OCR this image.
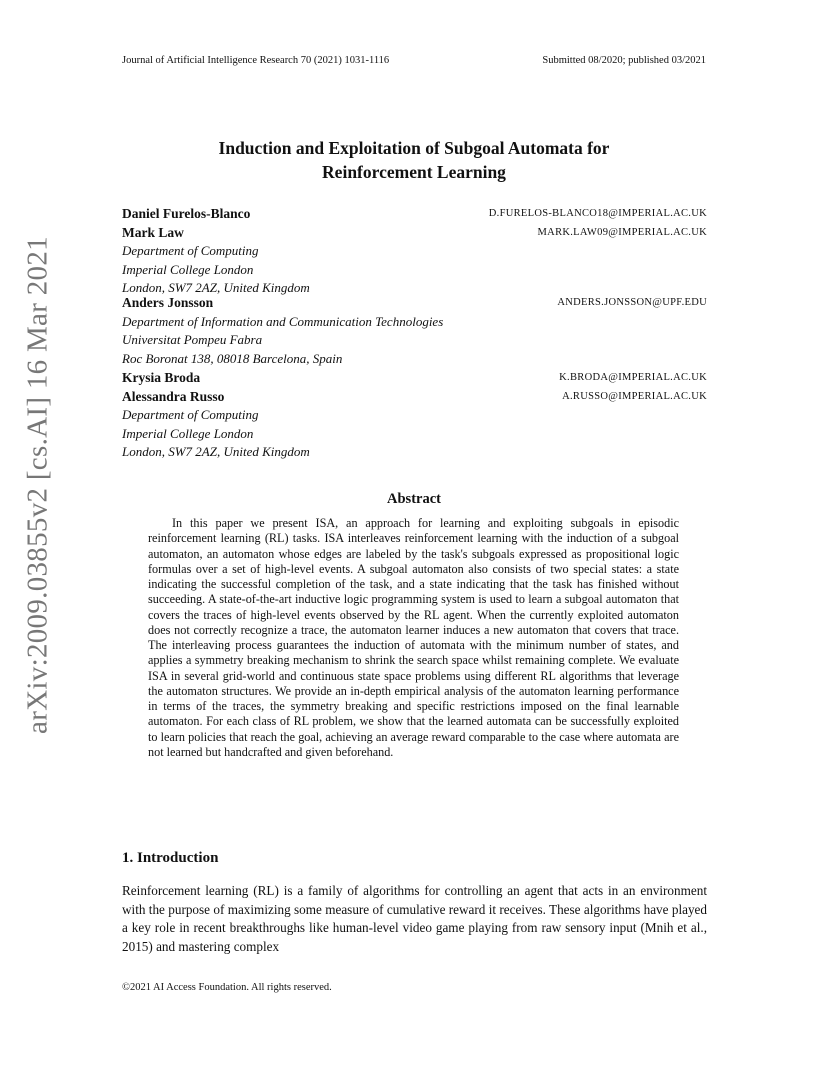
Journal of Artificial Intelligence Research 70 (2021) 1031-1116	Submitted 08/2020; published 03/2021
Induction and Exploitation of Subgoal Automata for
Reinforcement Learning
Daniel Furelos-Blanco	D.FURELOS-BLANCO18@IMPERIAL.AC.UK
Mark Law	MARK.LAW09@IMPERIAL.AC.UK
Department of Computing
Imperial College London
London, SW7 2AZ, United Kingdom
Anders Jonsson	ANDERS.JONSSON@UPF.EDU
Department of Information and Communication Technologies
Universitat Pompeu Fabra
Roc Boronat 138, 08018 Barcelona, Spain
Krysia Broda	K.BRODA@IMPERIAL.AC.UK
Alessandra Russo	A.RUSSO@IMPERIAL.AC.UK
Department of Computing
Imperial College London
London, SW7 2AZ, United Kingdom
Abstract
In this paper we present ISA, an approach for learning and exploiting subgoals in episodic reinforcement learning (RL) tasks. ISA interleaves reinforcement learning with the induction of a subgoal automaton, an automaton whose edges are labeled by the task's subgoals expressed as propositional logic formulas over a set of high-level events. A subgoal automaton also consists of two special states: a state indicating the successful completion of the task, and a state indicating that the task has finished without succeeding. A state-of-the-art inductive logic programming system is used to learn a subgoal automaton that covers the traces of high-level events observed by the RL agent. When the currently exploited automaton does not correctly recognize a trace, the automaton learner induces a new automaton that covers that trace. The interleaving process guarantees the induction of automata with the minimum number of states, and applies a symmetry breaking mechanism to shrink the search space whilst remaining complete. We evaluate ISA in several grid-world and continuous state space problems using different RL algorithms that leverage the automaton structures. We provide an in-depth empirical analysis of the automaton learning performance in terms of the traces, the symmetry breaking and specific restrictions imposed on the final learnable automaton. For each class of RL problem, we show that the learned automata can be successfully exploited to learn policies that reach the goal, achieving an average reward comparable to the case where automata are not learned but handcrafted and given beforehand.
1. Introduction
Reinforcement learning (RL) is a family of algorithms for controlling an agent that acts in an environment with the purpose of maximizing some measure of cumulative reward it receives. These algorithms have played a key role in recent breakthroughs like human-level video game playing from raw sensory input (Mnih et al., 2015) and mastering complex
©2021 AI Access Foundation. All rights reserved.
arXiv:2009.03855v2 [cs.AI] 16 Mar 2021
